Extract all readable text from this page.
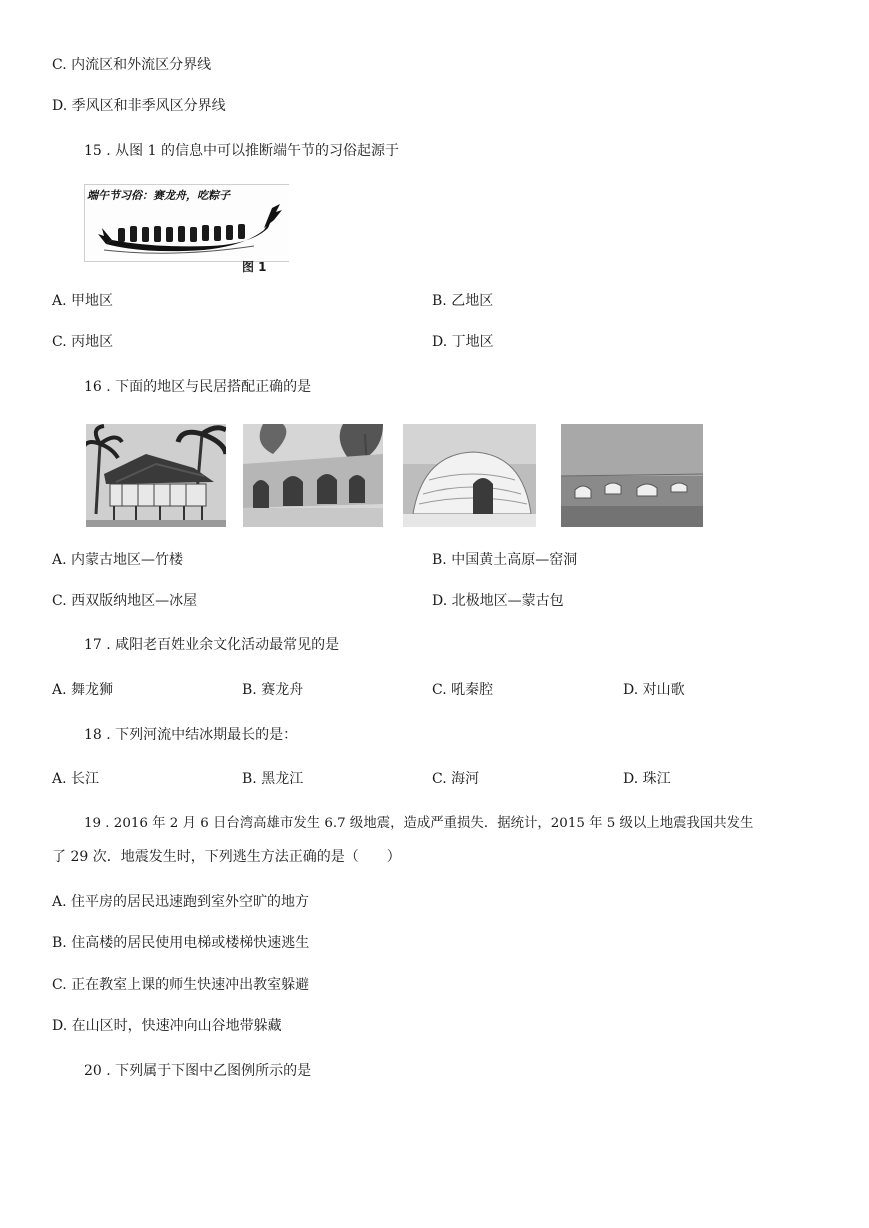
C. 内流区和外流区分界线
D. 季风区和非季风区分界线
15 . 从图 1 的信息中可以推断端午节的习俗起源于
端午节习俗：赛龙舟，吃粽子
图 1
A. 甲地区	B. 乙地区
C. 丙地区	D. 丁地区
16 . 下面的地区与民居搭配正确的是
A. 内蒙古地区—竹楼	B. 中国黄土高原—窑洞
C. 西双版纳地区—冰屋	D. 北极地区—蒙古包
17 . 咸阳老百姓业余文化活动最常见的是
A. 舞龙狮	B. 赛龙舟	C. 吼秦腔	D. 对山歌
18 . 下列河流中结冰期最长的是：
A. 长江	B. 黑龙江	C. 海河	D. 珠江
19 . 2016 年 2 月 6 日台湾高雄市发生 6.7 级地震，造成严重损失．据统计，2015 年 5 级以上地震我国共发生
了 29 次．地震发生时，下列逃生方法正确的是（　　）
A. 住平房的居民迅速跑到室外空旷的地方
B. 住高楼的居民使用电梯或楼梯快速逃生
C. 正在教室上课的师生快速冲出教室躲避
D. 在山区时，快速冲向山谷地带躲藏
20 . 下列属于下图中乙图例所示的是
